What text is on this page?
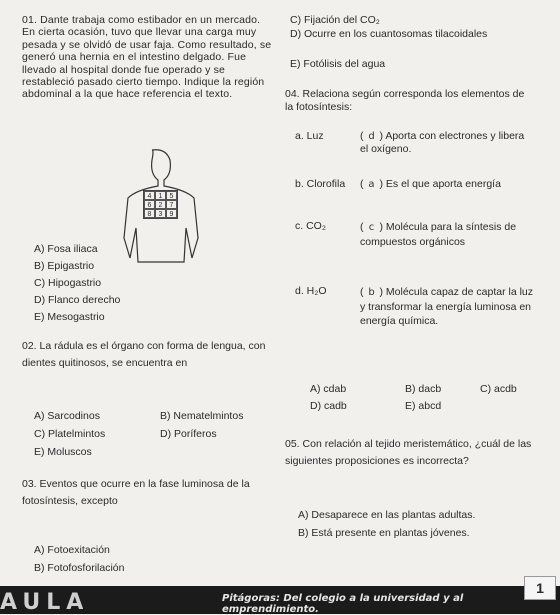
01. Dante trabaja como estibador en un mercado. En cierta ocasión, tuvo que llevar una carga muy pesada y se olvidó de usar faja. Como resultado, se generó una hernia en el intestino delgado. Fue llevado al hospital donde fue operado y se restableció pasado cierto tiempo. Indique la región abdominal a la que hace referencia el texto.
4	1	5
6	2	7
8	3	9
A) Fosa iliaca
B) Epigastrio
C) Hipogastrio
D) Flanco derecho
E) Mesogastrio
02. La rádula es el órgano con forma de lengua, con dientes quitinosos, se encuentra en
A) Sarcodinos	B) Nematelmintos
C) Platelmintos	D) Poríferos
E) Moluscos
03. Eventos que ocurre en la fase luminosa de la fotosíntesis, excepto
A) Fotoexitación
B) Fotofosforilación
C) Fijación del CO₂
D) Ocurre en los cuantosomas tilacoidales
E) Fotólisis del agua
04. Relaciona según corresponda los elementos de la fotosíntesis:
a. Luz	( d ) Aporta con electrones y libera el oxígeno.
b. Clorofila ( a ) Es el que aporta energía
c. CO₂	( c ) Molécula para la síntesis de compuestos orgánicos
d. H₂O	( b ) Molécula capaz de captar la luz y transformar la energía luminosa en energía química.
A) cdab	B) dacb	C) acdb
D) cadb	E) abcd
05. Con relación al tejido meristemático, ¿cuál de las siguientes proposiciones es incorrecta?
A) Desaparece en las plantas adultas.
B) Está presente en plantas jóvenes.
AULA	Pitágoras: Del colegio a la universidad y al emprendimiento.
1
